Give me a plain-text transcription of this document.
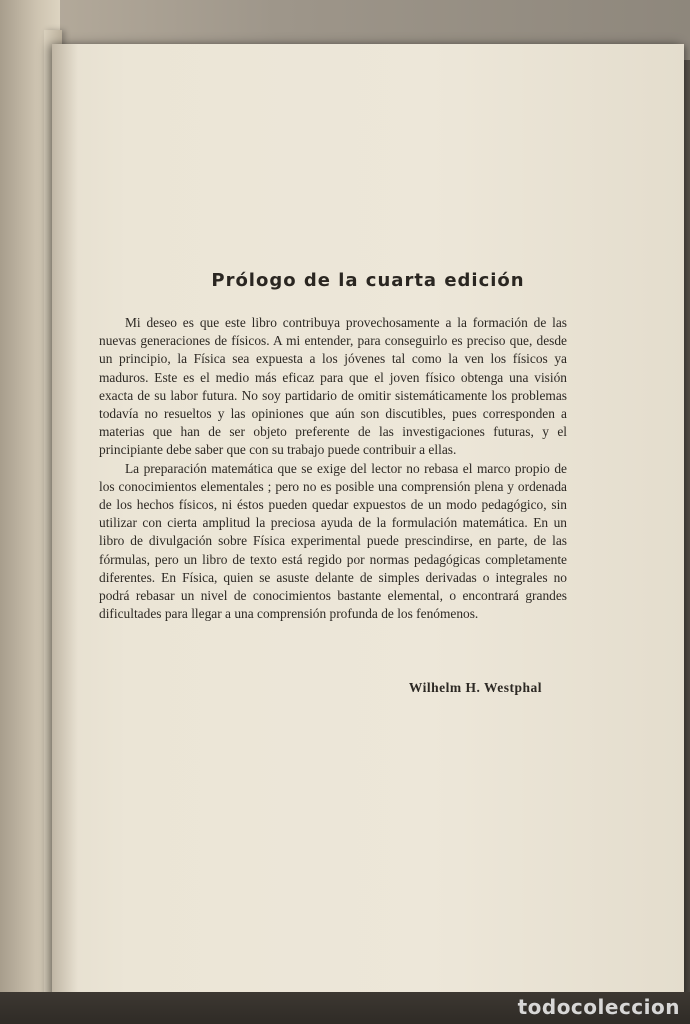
Prólogo de la cuarta edición

Mi deseo es que este libro contribuya provechosamente a la formación de las nuevas generaciones de físicos. A mi entender, para conseguirlo es preciso que, desde un principio, la Física sea expuesta a los jóvenes tal como la ven los físicos ya maduros. Este es el medio más eficaz para que el joven físico obtenga una visión exacta de su labor futura. No soy partidario de omitir sistemáticamente los problemas todavía no resueltos y las opiniones que aún son discutibles, pues corresponden a materias que han de ser objeto preferente de las investigaciones futuras, y el principiante debe saber que con su trabajo puede contribuir a ellas.

La preparación matemática que se exige del lector no rebasa el marco propio de los conocimientos elementales ; pero no es posible una comprensión plena y ordenada de los hechos físicos, ni éstos pueden quedar expuestos de un modo pedagógico, sin utilizar con cierta amplitud la preciosa ayuda de la formulación matemática. En un libro de divulgación sobre Física experimental puede prescindirse, en parte, de las fórmulas, pero un libro de texto está regido por normas pedagógicas completamente diferentes. En Física, quien se asuste delante de simples derivadas o integrales no podrá rebasar un nivel de conocimientos bastante elemental, o encontrará grandes dificultades para llegar a una comprensión profunda de los fenómenos.

Wilhelm H. Westphal
todocoleccion
